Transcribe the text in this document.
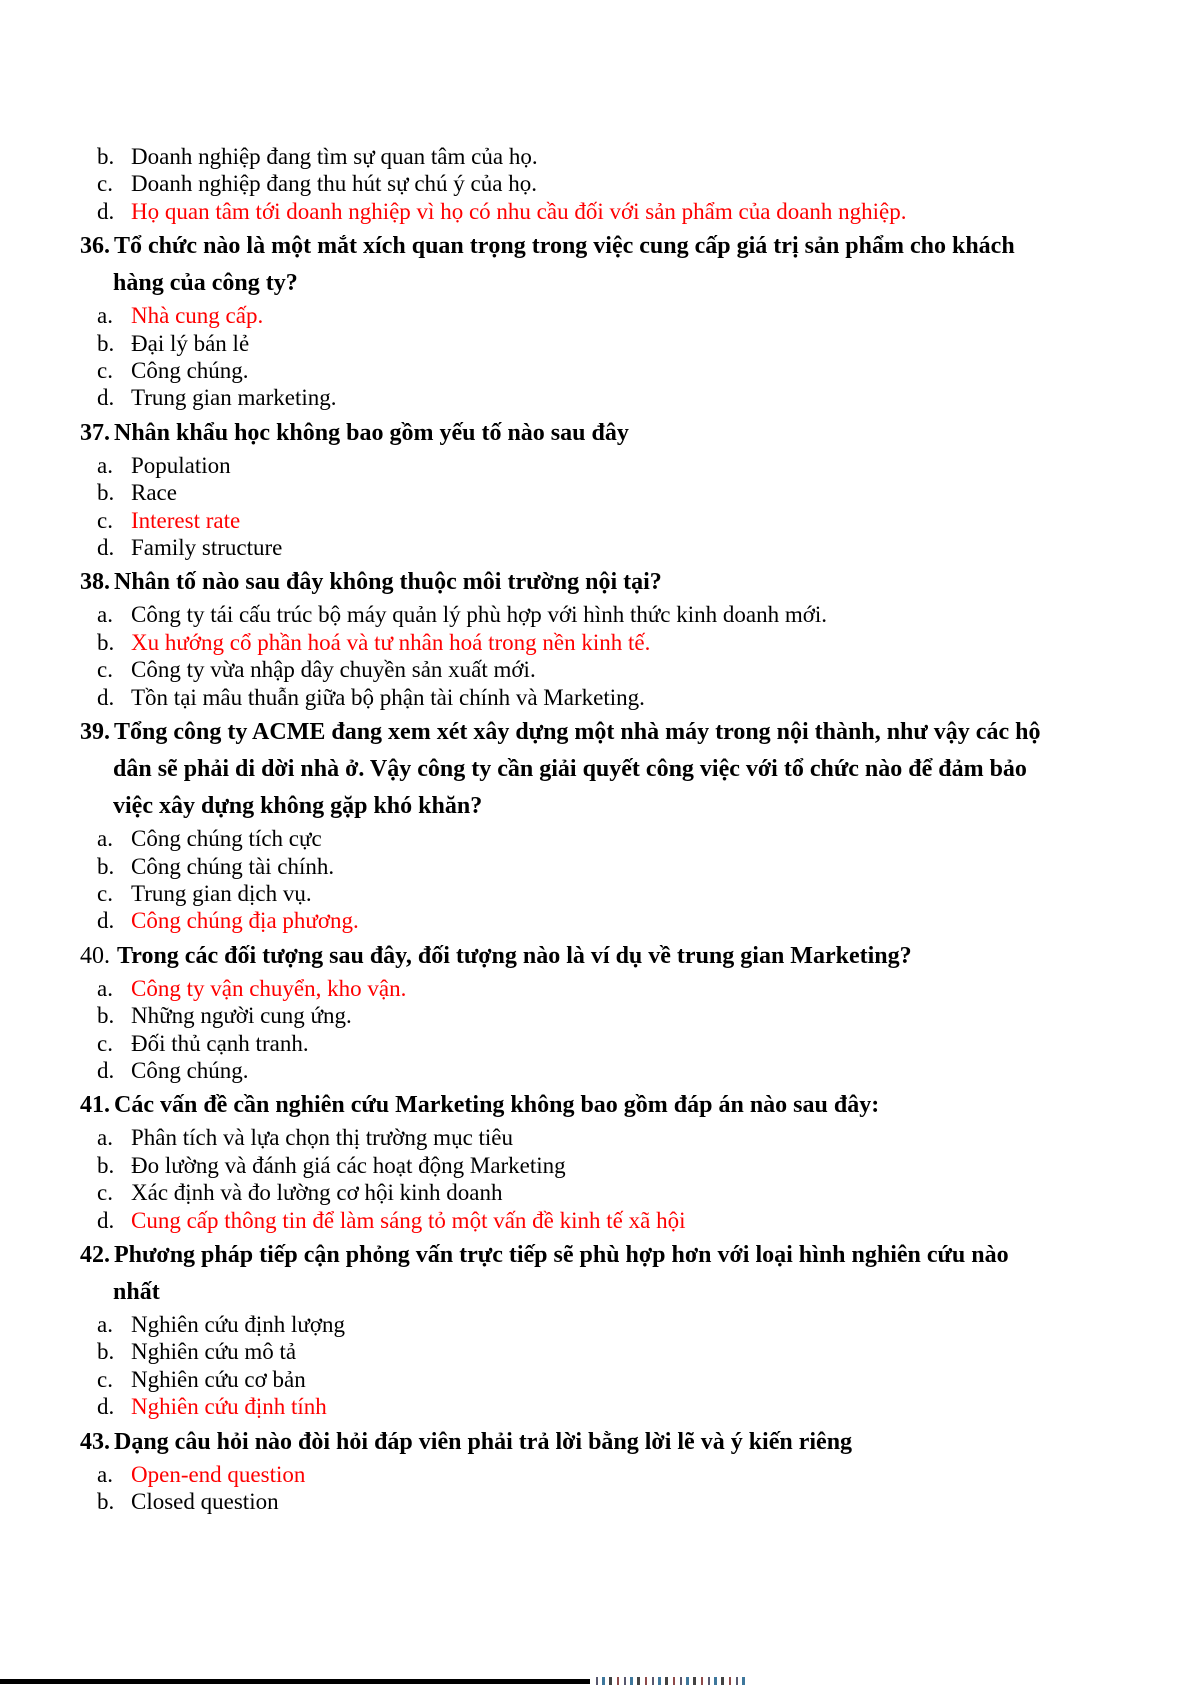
b. Doanh nghiệp đang tìm sự quan tâm của họ.
c. Doanh nghiệp đang thu hút sự chú ý của họ.
d. Họ quan tâm tới doanh nghiệp vì họ có nhu cầu đối với sản phẩm của doanh nghiệp.
36. Tổ chức nào là một mắt xích quan trọng trong việc cung cấp giá trị sản phẩm cho khách
hàng của công ty?
a. Nhà cung cấp.
b. Đại lý bán lẻ
c. Công chúng.
d. Trung gian marketing.
37. Nhân khẩu học không bao gồm yếu tố nào sau đây
a. Population
b. Race
c. Interest rate
d. Family structure
38. Nhân tố nào sau đây không thuộc môi trường nội tại?
a. Công ty tái cấu trúc bộ máy quản lý phù hợp với hình thức kinh doanh mới.
b. Xu hướng cổ phần hoá và tư nhân hoá trong nền kinh tế.
c. Công ty vừa nhập dây chuyền sản xuất mới.
d. Tồn tại mâu thuẫn giữa bộ phận tài chính và Marketing.
39. Tổng công ty ACME đang xem xét xây dựng một nhà máy trong nội thành, như vậy các hộ
dân sẽ phải di dời nhà ở. Vậy công ty cần giải quyết công việc với tổ chức nào để đảm bảo
việc xây dựng không gặp khó khăn?
a. Công chúng tích cực
b. Công chúng tài chính.
c. Trung gian dịch vụ.
d. Công chúng địa phương.
40. Trong các đối tượng sau đây, đối tượng nào là ví dụ về trung gian Marketing?
a. Công ty vận chuyển, kho vận.
b. Những người cung ứng.
c. Đối thủ cạnh tranh.
d. Công chúng.
41. Các vấn đề cần nghiên cứu Marketing không bao gồm đáp án nào sau đây:
a. Phân tích và lựa chọn thị trường mục tiêu
b. Đo lường và đánh giá các hoạt động Marketing
c. Xác định và đo lường cơ hội kinh doanh
d. Cung cấp thông tin để làm sáng tỏ một vấn đề kinh tế xã hội
42. Phương pháp tiếp cận phỏng vấn trực tiếp sẽ phù hợp hơn với loại hình nghiên cứu nào
nhất
a. Nghiên cứu định lượng
b. Nghiên cứu mô tả
c. Nghiên cứu cơ bản
d. Nghiên cứu định tính
43. Dạng câu hỏi nào đòi hỏi đáp viên phải trả lời bằng lời lẽ và ý kiến riêng
a. Open-end question
b. Closed question
